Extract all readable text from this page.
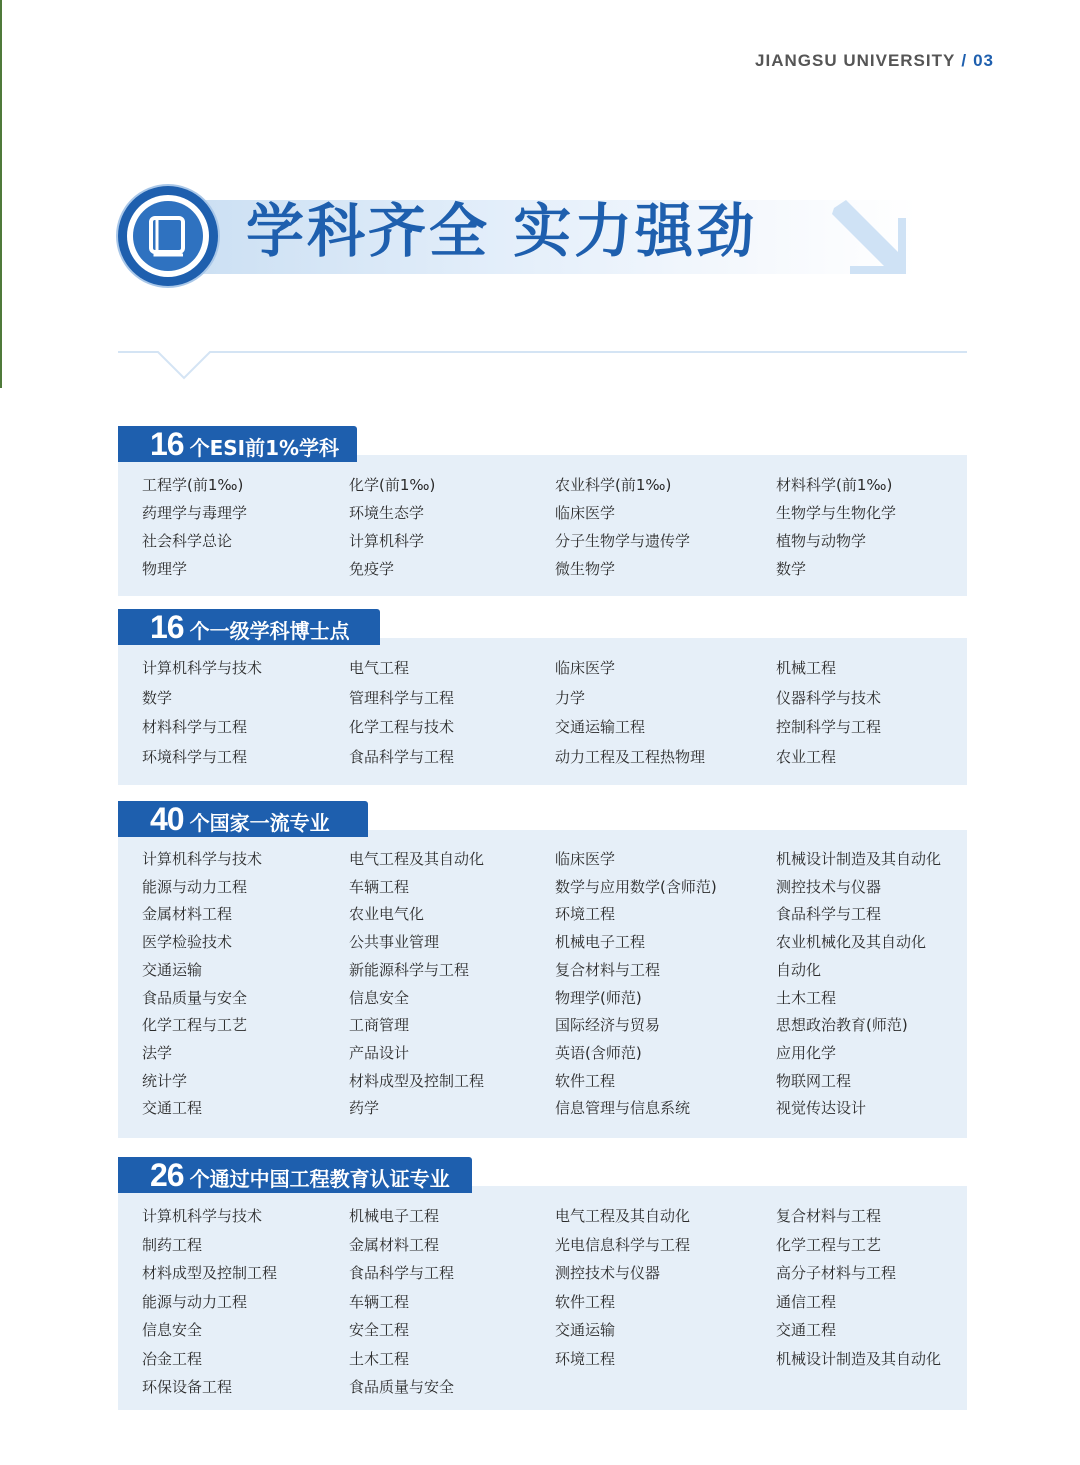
JIANGSU UNIVERSITY / 03
学科齐全 实力强劲
工程学(前1‰)
药理学与毒理学
社会科学总论
物理学
化学(前1‰)
环境生态学
计算机科学
免疫学
农业科学(前1‰)
临床医学
分子生物学与遗传学
微生物学
材料科学(前1‰)
生物学与生物化学
植物与动物学
数学
16 个ESI前1%学科
计算机科学与技术
数学
材料科学与工程
环境科学与工程
电气工程
管理科学与工程
化学工程与技术
食品科学与工程
临床医学
力学
交通运输工程
动力工程及工程热物理
机械工程
仪器科学与技术
控制科学与工程
农业工程
16 个一级学科博士点
计算机科学与技术
能源与动力工程
金属材料工程
医学检验技术
交通运输
食品质量与安全
化学工程与工艺
法学
统计学
交通工程
电气工程及其自动化
车辆工程
农业电气化
公共事业管理
新能源科学与工程
信息安全
工商管理
产品设计
材料成型及控制工程
药学
临床医学
数学与应用数学(含师范)
环境工程
机械电子工程
复合材料与工程
物理学(师范)
国际经济与贸易
英语(含师范)
软件工程
信息管理与信息系统
机械设计制造及其自动化
测控技术与仪器
食品科学与工程
农业机械化及其自动化
自动化
土木工程
思想政治教育(师范)
应用化学
物联网工程
视觉传达设计
40 个国家一流专业
计算机科学与技术
制药工程
材料成型及控制工程
能源与动力工程
信息安全
冶金工程
环保设备工程
机械电子工程
金属材料工程
食品科学与工程
车辆工程
安全工程
土木工程
食品质量与安全
电气工程及其自动化
光电信息科学与工程
测控技术与仪器
软件工程
交通运输
环境工程
复合材料与工程
化学工程与工艺
高分子材料与工程
通信工程
交通工程
机械设计制造及其自动化
26 个通过中国工程教育认证专业
